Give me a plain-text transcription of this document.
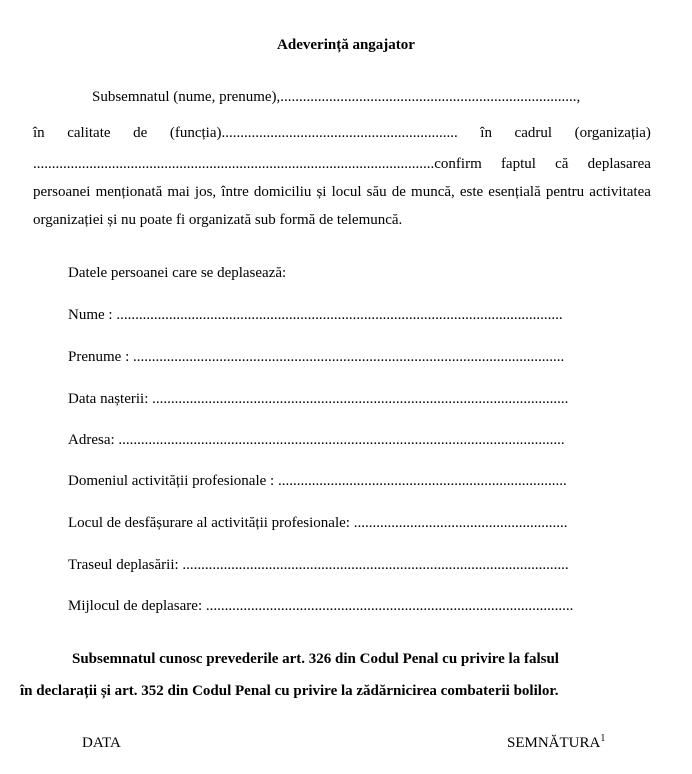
Adeverință angajator
Subsemnatul (nume, prenume),...............................................................................,
în calitate de (funcția)............................................................... în cadrul (organizația)
...........................................................................................................confirm faptul că deplasarea
persoanei menționată mai jos, între domiciliu și locul său de muncă, este esențială pentru activitatea
organizației și nu poate fi organizată sub formă de telemuncă.
Datele persoanei care se deplasează:
Nume : .......................................................................................................................
Prenume : ...................................................................................................................
Data nașterii: ...............................................................................................................
Adresa: .......................................................................................................................
Domeniul activității profesionale : .............................................................................
Locul de desfășurare al activității profesionale: .........................................................
Traseul deplasării: .......................................................................................................
Mijlocul de deplasare: ..................................................................................................
Subsemnatul cunosc prevederile art. 326 din Codul Penal cu privire la falsul
în declarații și art. 352 din Codul Penal cu privire la zădărnicirea combaterii bolilor.
DATA	SEMNĂTURA$^1$
